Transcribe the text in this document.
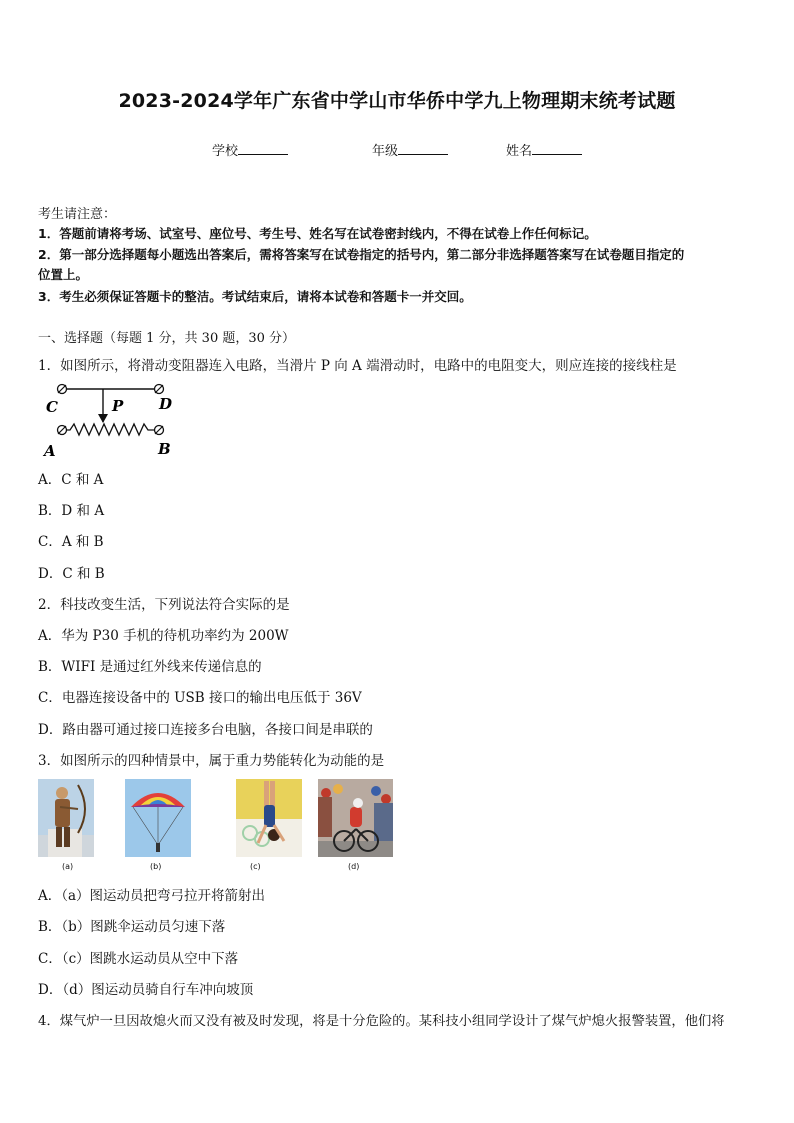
2023-2024学年广东省中学山市华侨中学九上物理期末统考试题
学校	年级	姓名
考生请注意：
1．答题前请将考场、试室号、座位号、考生号、姓名写在试卷密封线内，不得在试卷上作任何标记。
2．第一部分选择题每小题选出答案后，需将答案写在试卷指定的括号内，第二部分非选择题答案写在试卷题目指定的
位置上。
3．考生必须保证答题卡的整洁。考试结束后，请将本试卷和答题卡一并交回。
一、选择题（每题 1 分，共 30 题，30 分）
1．如图所示，将滑动变阻器连入电路，当滑片 P 向 A 端滑动时，电路中的电阻变大，则应连接的接线柱是
C	D
P
A	B
A．C 和 A
B．D 和 A
C．A 和 B
D．C 和 B
2．科技改变生活，下列说法符合实际的是
A．华为 P30 手机的待机功率约为 200W
B．WIFI 是通过红外线来传递信息的
C．电器连接设备中的 USB 接口的输出电压低于 36V
D．路由器可通过接口连接多台电脑，各接口间是串联的
3．如图所示的四种情景中，属于重力势能转化为动能的是
(a)	(b)	(c)	(d)
A．（a）图运动员把弯弓拉开将箭射出
B．（b）图跳伞运动员匀速下落
C．（c）图跳水运动员从空中下落
D．（d）图运动员骑自行车冲向坡顶
4．煤气炉一旦因故熄火而又没有被及时发现，将是十分危险的。某科技小组同学设计了煤气炉熄火报警装置，他们将
